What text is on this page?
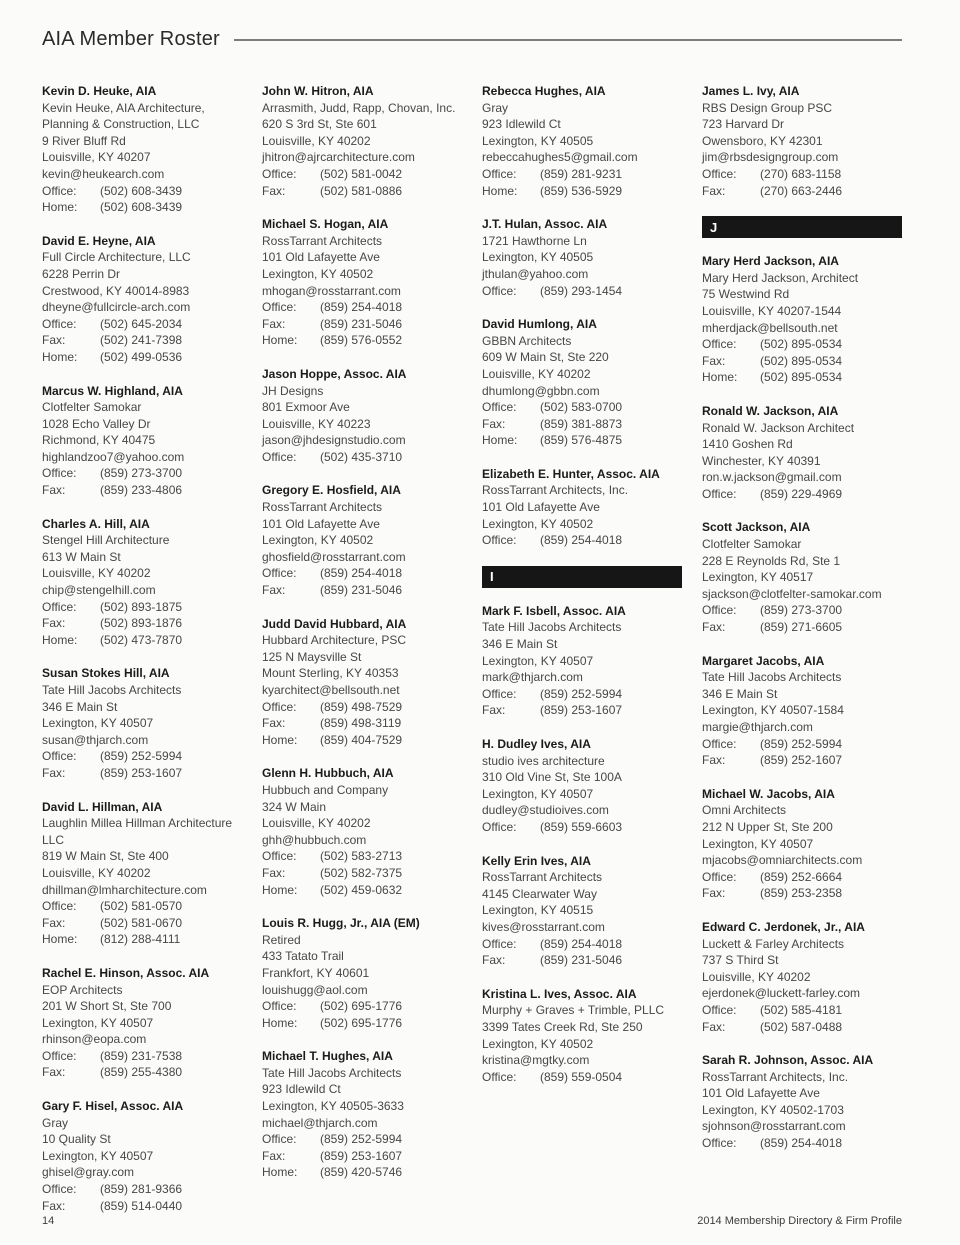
AIA Member Roster
Kevin D. Heuke, AIA
Kevin Heuke, AIA Architecture,
Planning & Construction, LLC
9 River Bluff Rd
Louisville, KY 40207
kevin@heukearch.com
Office:	(502) 608-3439
Home:	(502) 608-3439
David E. Heyne, AIA
Full Circle Architecture, LLC
6228 Perrin Dr
Crestwood, KY 40014-8983
dheyne@fullcircle-arch.com
Office:	(502) 645-2034
Fax:	(502) 241-7398
Home:	(502) 499-0536
Marcus W. Highland, AIA
Clotfelter Samokar
1028 Echo Valley Dr
Richmond, KY 40475
highlandzoo7@yahoo.com
Office:	(859) 273-3700
Fax:	(859) 233-4806
Charles A. Hill, AIA
Stengel Hill Architecture
613 W Main St
Louisville, KY 40202
chip@stengelhill.com
Office:	(502) 893-1875
Fax:	(502) 893-1876
Home:	(502) 473-7870
Susan Stokes Hill, AIA
Tate Hill Jacobs Architects
346 E Main St
Lexington, KY 40507
susan@thjarch.com
Office:	(859) 252-5994
Fax:	(859) 253-1607
David L. Hillman, AIA
Laughlin Millea Hillman Architecture LLC
819 W Main St, Ste 400
Louisville, KY 40202
dhillman@lmharchitecture.com
Office:	(502) 581-0570
Fax:	(502) 581-0670
Home:	(812) 288-4111
Rachel E. Hinson, Assoc. AIA
EOP Architects
201 W Short St, Ste 700
Lexington, KY 40507
rhinson@eopa.com
Office:	(859) 231-7538
Fax:	(859) 255-4380
Gary F. Hisel, Assoc. AIA
Gray
10 Quality St
Lexington, KY 40507
ghisel@gray.com
Office:	(859) 281-9366
Fax:	(859) 514-0440
John W. Hitron, AIA
Arrasmith, Judd, Rapp, Chovan, Inc.
620 S 3rd St, Ste 601
Louisville, KY 40202
jhitron@ajrcarchitecture.com
Office:	(502) 581-0042
Fax:	(502) 581-0886
Michael S. Hogan, AIA
RossTarrant Architects
101 Old Lafayette Ave
Lexington, KY 40502
mhogan@rosstarrant.com
Office:	(859) 254-4018
Fax:	(859) 231-5046
Home:	(859) 576-0552
Jason Hoppe, Assoc. AIA
JH Designs
801 Exmoor Ave
Louisville, KY 40223
jason@jhdesignstudio.com
Office:	(502) 435-3710
Gregory E. Hosfield, AIA
RossTarrant Architects
101 Old Lafayette Ave
Lexington, KY 40502
ghosfield@rosstarrant.com
Office:	(859) 254-4018
Fax:	(859) 231-5046
Judd David Hubbard, AIA
Hubbard Architecture, PSC
125 N Maysville St
Mount Sterling, KY 40353
kyarchitect@bellsouth.net
Office:	(859) 498-7529
Fax:	(859) 498-3119
Home:	(859) 404-7529
Glenn H. Hubbuch, AIA
Hubbuch and Company
324 W Main
Louisville, KY 40202
ghh@hubbuch.com
Office:	(502) 583-2713
Fax:	(502) 582-7375
Home:	(502) 459-0632
Louis R. Hugg, Jr., AIA (EM)
Retired
433 Tatato Trail
Frankfort, KY 40601
louishugg@aol.com
Office:	(502) 695-1776
Home:	(502) 695-1776
Michael T. Hughes, AIA
Tate Hill Jacobs Architects
923 Idlewild Ct
Lexington, KY 40505-3633
michael@thjarch.com
Office:	(859) 252-5994
Fax:	(859) 253-1607
Home:	(859) 420-5746
Rebecca Hughes, AIA
Gray
923 Idlewild Ct
Lexington, KY 40505
rebeccahughes5@gmail.com
Office:	(859) 281-9231
Home:	(859) 536-5929
J.T. Hulan, Assoc. AIA
1721 Hawthorne Ln
Lexington, KY 40505
jthulan@yahoo.com
Office:	(859) 293-1454
David Humlong, AIA
GBBN Architects
609 W Main St, Ste 220
Louisville, KY 40202
dhumlong@gbbn.com
Office:	(502) 583-0700
Fax:	(859) 381-8873
Home:	(859) 576-4875
Elizabeth E. Hunter, Assoc. AIA
RossTarrant Architects, Inc.
101 Old Lafayette Ave
Lexington, KY 40502
Office:	(859) 254-4018
I
Mark F. Isbell, Assoc. AIA
Tate Hill Jacobs Architects
346 E Main St
Lexington, KY 40507
mark@thjarch.com
Office:	(859) 252-5994
Fax:	(859) 253-1607
H. Dudley Ives, AIA
studio ives architecture
310 Old Vine St, Ste 100A
Lexington, KY 40507
dudley@studioives.com
Office:	(859) 559-6603
Kelly Erin Ives, AIA
RossTarrant Architects
4145 Clearwater Way
Lexington, KY 40515
kives@rosstarrant.com
Office:	(859) 254-4018
Fax:	(859) 231-5046
Kristina L. Ives, Assoc. AIA
Murphy + Graves + Trimble, PLLC
3399 Tates Creek Rd, Ste 250
Lexington, KY 40502
kristina@mgtky.com
Office:	(859) 559-0504
James L. Ivy, AIA
RBS Design Group PSC
723 Harvard Dr
Owensboro, KY 42301
jim@rbsdesigngroup.com
Office:	(270) 683-1158
Fax:	(270) 663-2446
J
Mary Herd Jackson, AIA
Mary Herd Jackson, Architect
75 Westwind Rd
Louisville, KY 40207-1544
mherdjack@bellsouth.net
Office:	(502) 895-0534
Fax:	(502) 895-0534
Home:	(502) 895-0534
Ronald W. Jackson, AIA
Ronald W. Jackson Architect
1410 Goshen Rd
Winchester, KY 40391
ron.w.jackson@gmail.com
Office:	(859) 229-4969
Scott Jackson, AIA
Clotfelter Samokar
228 E Reynolds Rd, Ste 1
Lexington, KY 40517
sjackson@clotfelter-samokar.com
Office:	(859) 273-3700
Fax:	(859) 271-6605
Margaret Jacobs, AIA
Tate Hill Jacobs Architects
346 E Main St
Lexington, KY 40507-1584
margie@thjarch.com
Office:	(859) 252-5994
Fax:	(859) 252-1607
Michael W. Jacobs, AIA
Omni Architects
212 N Upper St, Ste 200
Lexington, KY 40507
mjacobs@omniarchitects.com
Office:	(859) 252-6664
Fax:	(859) 253-2358
Edward C. Jerdonek, Jr., AIA
Luckett & Farley Architects
737 S Third St
Louisville, KY 40202
ejerdonek@luckett-farley.com
Office:	(502) 585-4181
Fax:	(502) 587-0488
Sarah R. Johnson, Assoc. AIA
RossTarrant Architects, Inc.
101 Old Lafayette Ave
Lexington, KY 40502-1703
sjohnson@rosstarrant.com
Office:	(859) 254-4018
14	2014 Membership Directory & Firm Profile
